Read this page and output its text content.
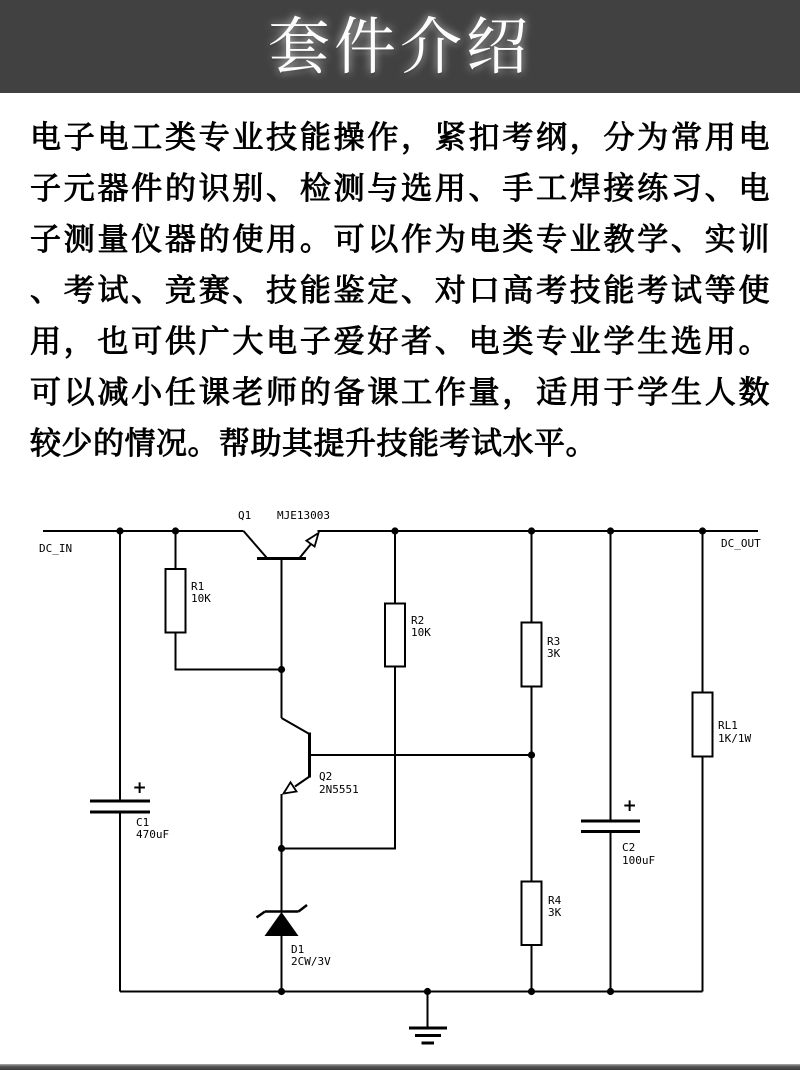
套件介绍
电子电工类专业技能操作，紧扣考纲，分为常用电
子元器件的识别、检测与选用、手工焊接练习、电
子测量仪器的使用。可以作为电类专业教学、实训
、考试、竞赛、技能鉴定、对口高考技能考试等使
用，也可供广大电子爱好者、电类专业学生选用。
可以减小任课老师的备课工作量，适用于学生人数
较少的情况。帮助其提升技能考试水平。
DC_IN	DC_OUT
Q1 MJE13003
Q2
2N5551
R1
10K
R2
10K
R3
3K
R4
3K
RL1
1K/1W
+
C1
470uF
+
C2
100uF
D1
2CW/3V
